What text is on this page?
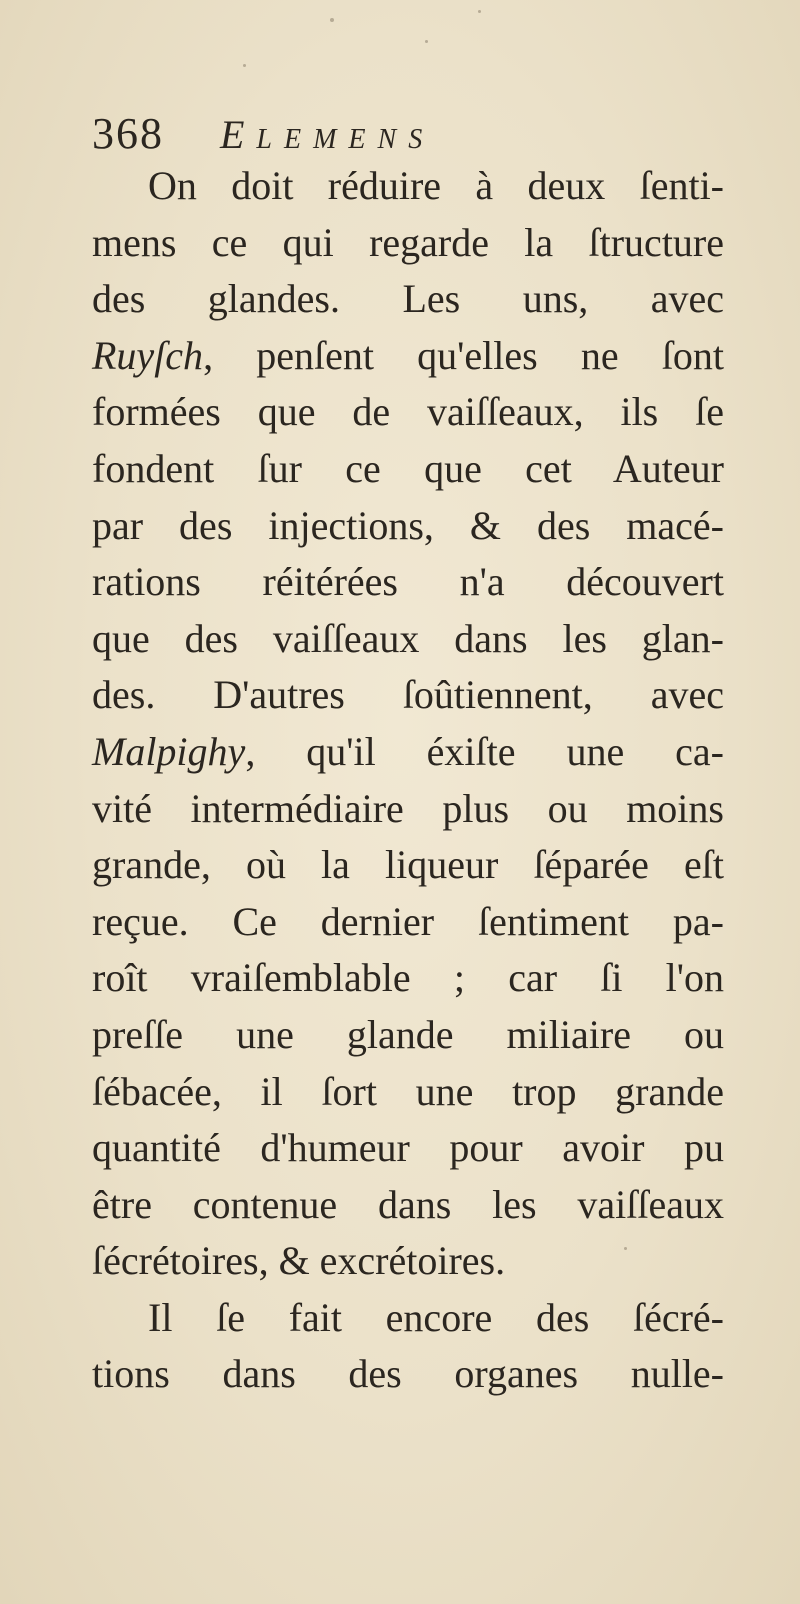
368 Elemens
On doit réduire à deux ſenti-
mens ce qui regarde la ſtructure
des glandes. Les uns, avec
Ruyſch, penſent qu'elles ne ſont
formées que de vaiſſeaux, ils ſe
fondent ſur ce que cet Auteur
par des injections, & des macé-
rations réitérées n'a découvert
que des vaiſſeaux dans les glan-
des. D'autres ſoûtiennent, avec
Malpighy, qu'il éxiſte une ca-
vité intermédiaire plus ou moins
grande, où la liqueur ſéparée eſt
reçue. Ce dernier ſentiment pa-
roît vraiſemblable ; car ſi l'on
preſſe une glande miliaire ou
ſébacée, il ſort une trop grande
quantité d'humeur pour avoir pu
être contenue dans les vaiſſeaux
ſécrétoires, & excrétoires.
Il ſe fait encore des ſécré-
tions dans des organes nulle-
